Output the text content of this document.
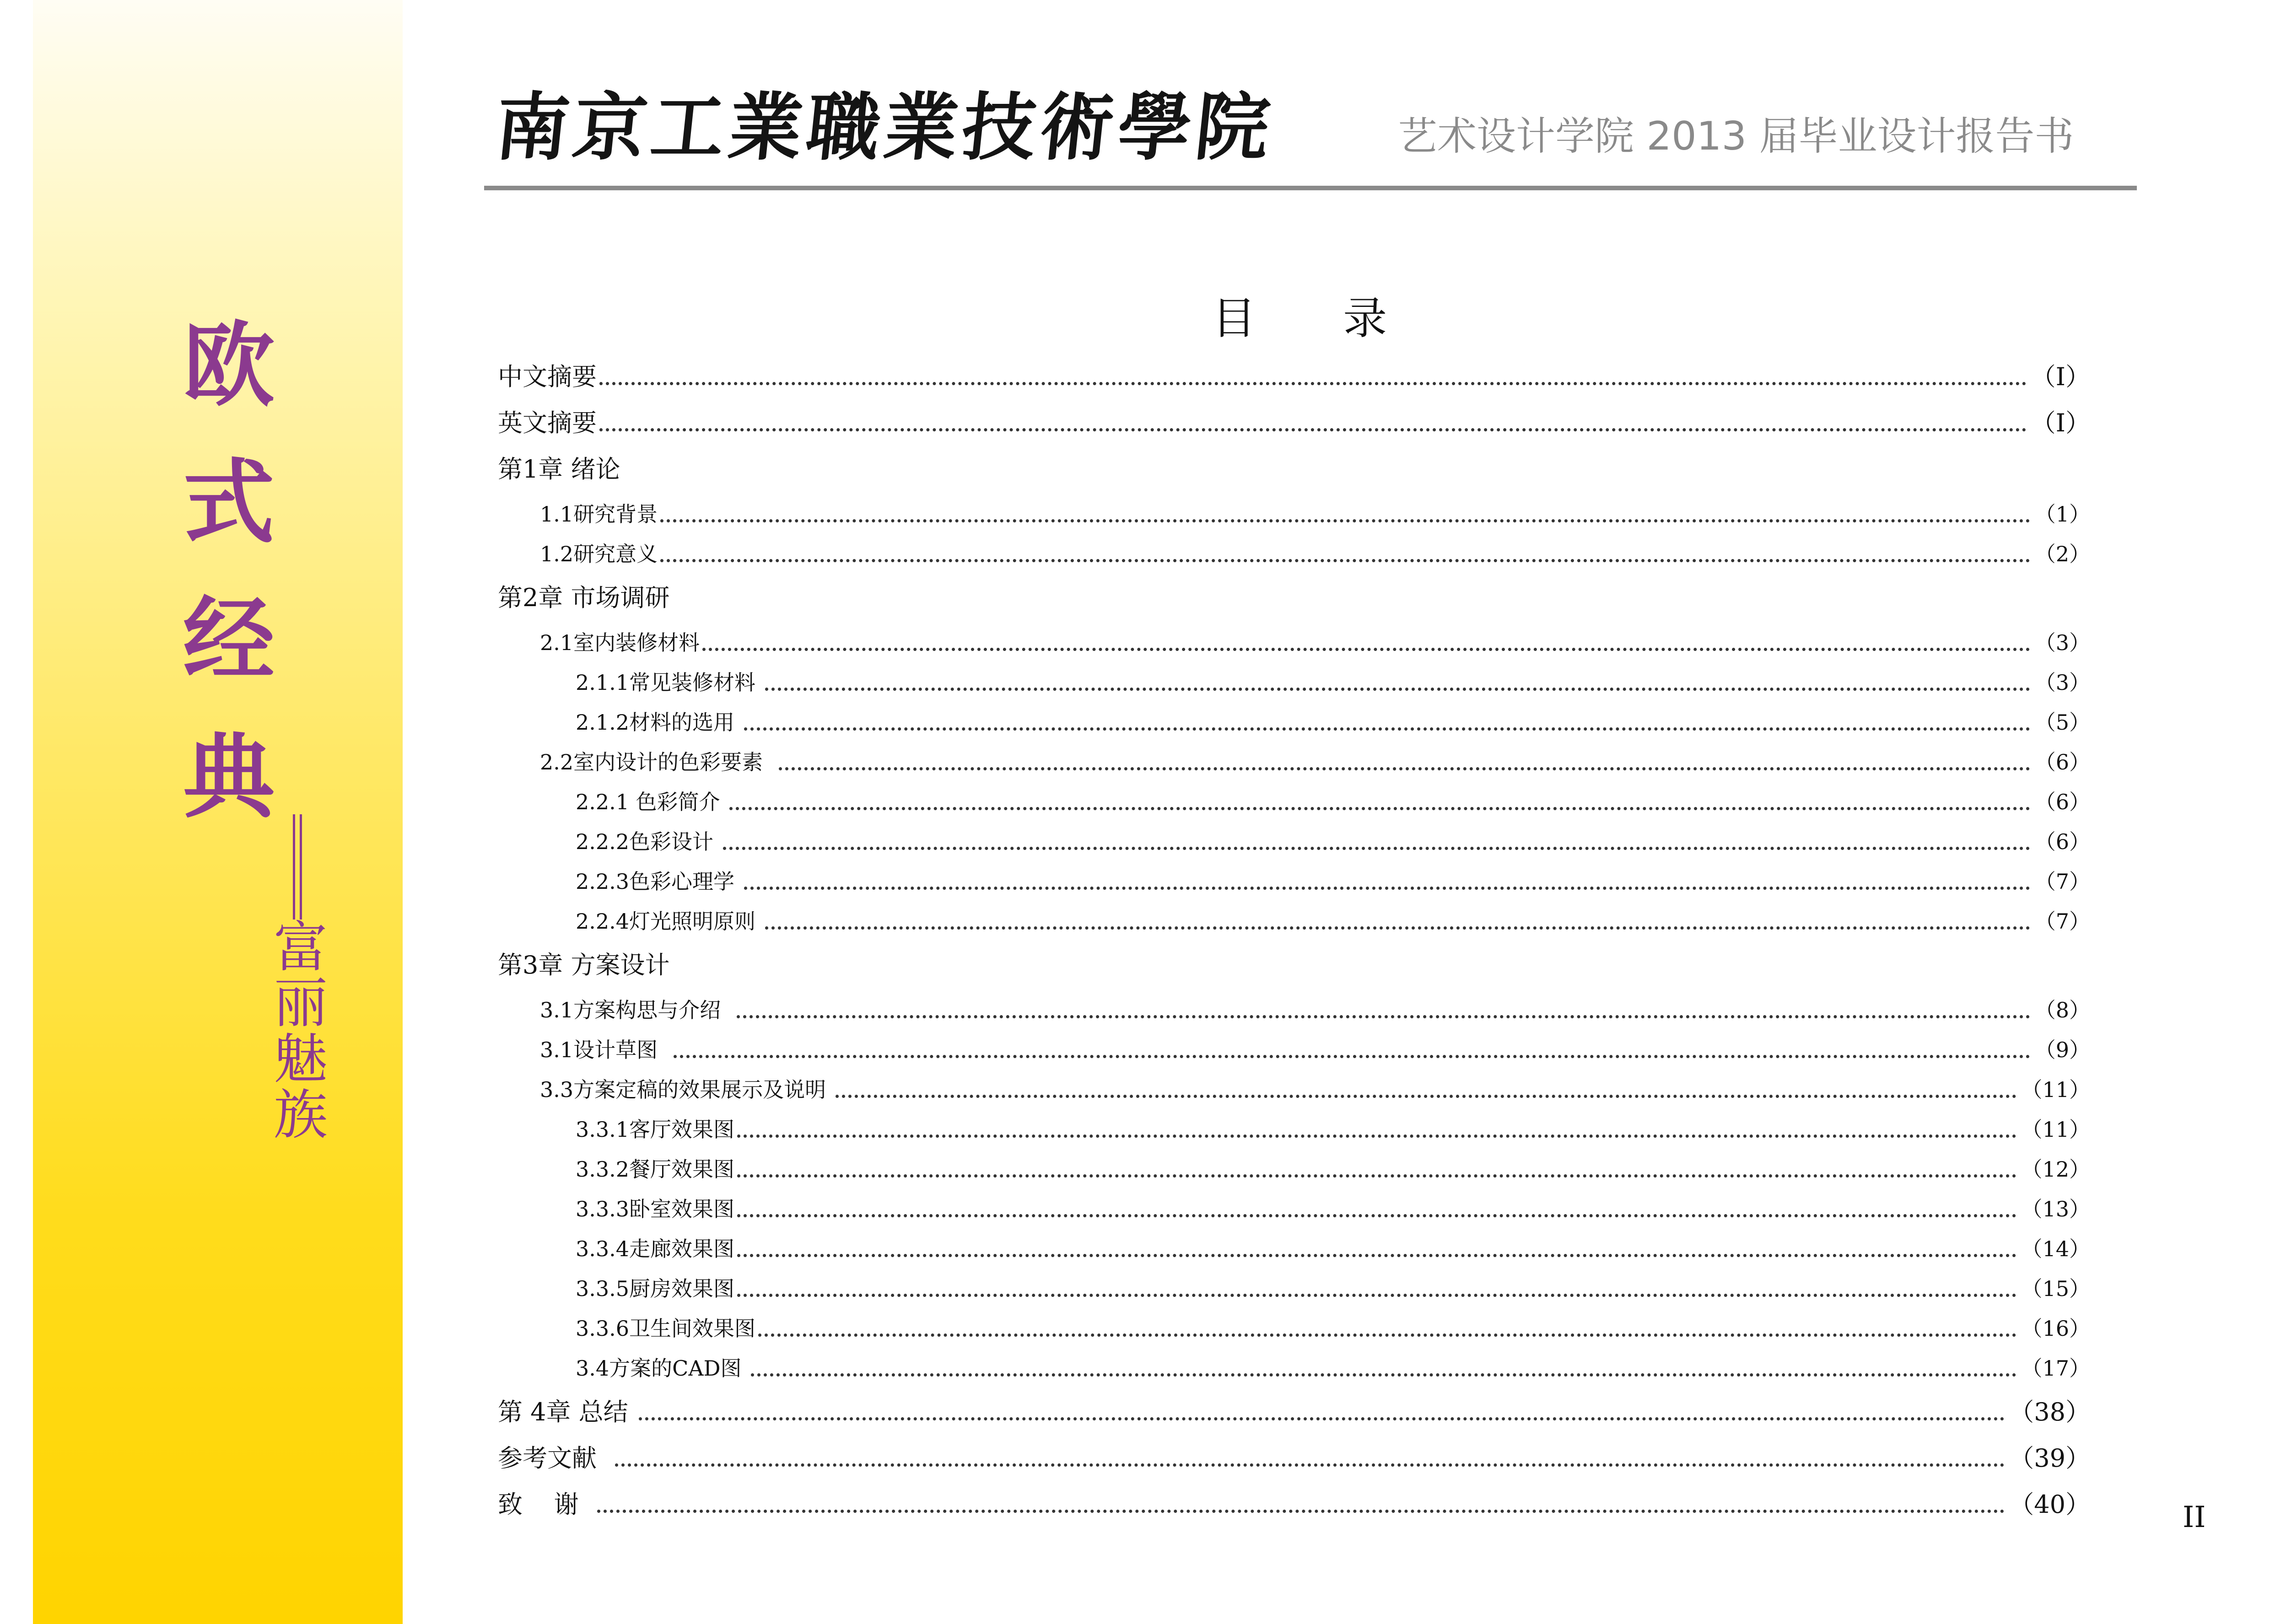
欧
式
经
典
富
丽
魅
族
南京工業職業技術學院	艺术设计学院 2013 届毕业设计报告书
目 录
中文摘要	（I）
英文摘要	（I）
第1章 绪论
1.1研究背景	（1）
1.2研究意义	（2）
第2章 市场调研
2.1室内装修材料	（3）
2.1.1常见装修材料	（3）
2.1.2材料的选用	（5）
2.2室内设计的色彩要素	（6）
2.2.1 色彩简介	（6）
2.2.2色彩设计	（6）
2.2.3色彩心理学	（7）
2.2.4灯光照明原则	（7）
第3章 方案设计
3.1方案构思与介绍	（8）
3.1设计草图	（9）
3.3方案定稿的效果展示及说明	（11）
3.3.1客厅效果图	（11）
3.3.2餐厅效果图	（12）
3.3.3卧室效果图	（13）
3.3.4走廊效果图	（14）
3.3.5厨房效果图	（15）
3.3.6卫生间效果图	（16）
3.4方案的CAD图	（17）
第 4章 总结	（38）
参考文献	（39）
致    谢	（40）	II
